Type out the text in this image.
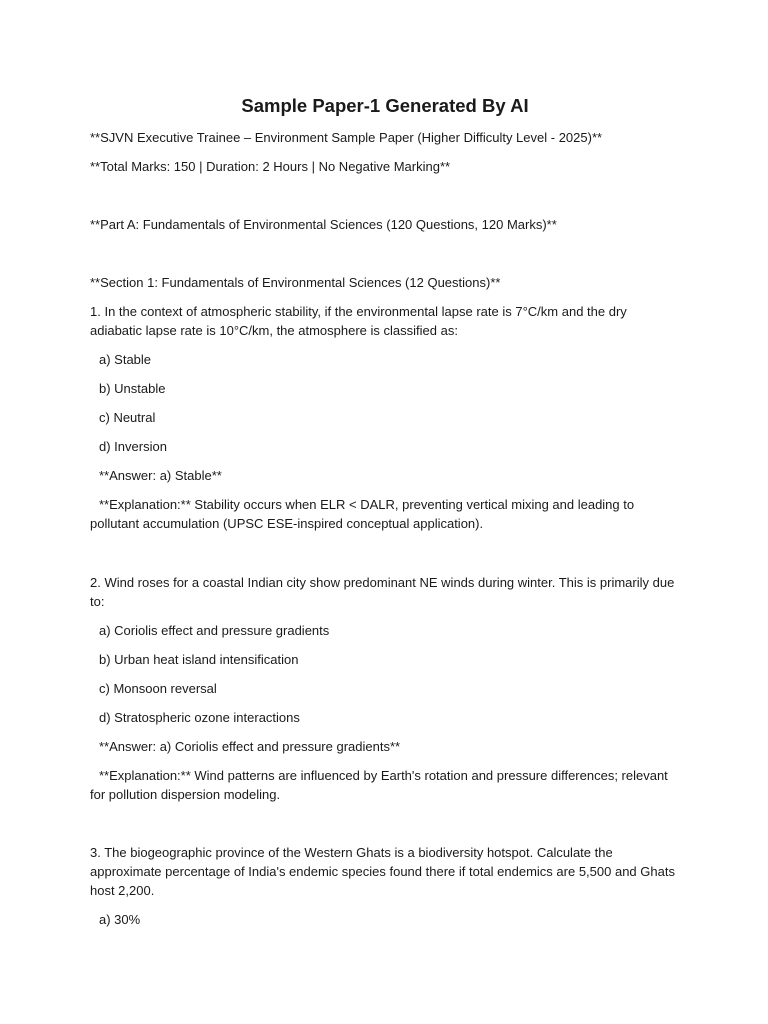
Sample Paper-1 Generated By AI

**SJVN Executive Trainee – Environment Sample Paper (Higher Difficulty Level - 2025)**

**Total Marks: 150 | Duration: 2 Hours | No Negative Marking**

**Part A: Fundamentals of Environmental Sciences (120 Questions, 120 Marks)**

**Section 1: Fundamentals of Environmental Sciences (12 Questions)**

1. In the context of atmospheric stability, if the environmental lapse rate is 7°C/km and the dry adiabatic lapse rate is 10°C/km, the atmosphere is classified as:

a) Stable

b) Unstable

c) Neutral

d) Inversion

**Answer: a) Stable**

**Explanation:** Stability occurs when ELR < DALR, preventing vertical mixing and leading to pollutant accumulation (UPSC ESE-inspired conceptual application).

2. Wind roses for a coastal Indian city show predominant NE winds during winter. This is primarily due to:

a) Coriolis effect and pressure gradients

b) Urban heat island intensification

c) Monsoon reversal

d) Stratospheric ozone interactions

**Answer: a) Coriolis effect and pressure gradients**

**Explanation:** Wind patterns are influenced by Earth's rotation and pressure differences; relevant for pollution dispersion modeling.

3. The biogeographic province of the Western Ghats is a biodiversity hotspot. Calculate the approximate percentage of India's endemic species found there if total endemics are 5,500 and Ghats host 2,200.

a) 30%
